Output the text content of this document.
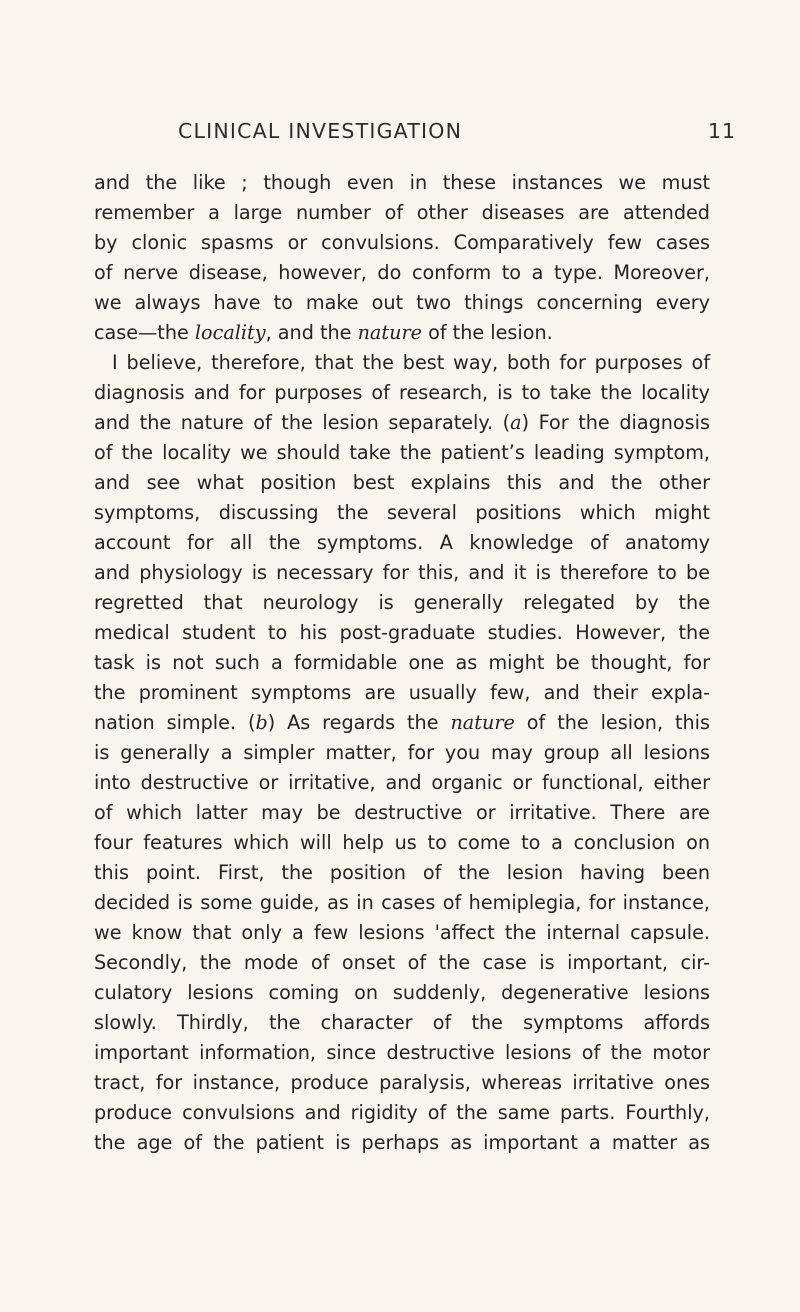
CLINICAL INVESTIGATION	11
and the like ; though even in these instances we must
remember a large number of other diseases are attended
by clonic spasms or convulsions. Comparatively few cases
of nerve disease, however, do conform to a type. Moreover,
we always have to make out two things concerning every
case—the locality, and the nature of the lesion.
I believe, therefore, that the best way, both for purposes of
diagnosis and for purposes of research, is to take the locality
and the nature of the lesion separately. (a) For the diagnosis
of the locality we should take the patient’s leading symptom,
and see what position best explains this and the other
symptoms, discussing the several positions which might
account for all the symptoms. A knowledge of anatomy
and physiology is necessary for this, and it is therefore to be
regretted that neurology is generally relegated by the
medical student to his post-graduate studies. However, the
task is not such a formidable one as might be thought, for
the prominent symptoms are usually few, and their expla-
nation simple. (b) As regards the nature of the lesion, this
is generally a simpler matter, for you may group all lesions
into destructive or irritative, and organic or functional, either
of which latter may be destructive or irritative. There are
four features which will help us to come to a conclusion on
this point. First, the position of the lesion having been
decided is some guide, as in cases of hemiplegia, for instance,
we know that only a few lesions 'affect the internal capsule.
Secondly, the mode of onset of the case is important, cir-
culatory lesions coming on suddenly, degenerative lesions
slowly. Thirdly, the character of the symptoms affords
important information, since destructive lesions of the motor
tract, for instance, produce paralysis, whereas irritative ones
produce convulsions and rigidity of the same parts. Fourthly,
the age of the patient is perhaps as important a matter as
